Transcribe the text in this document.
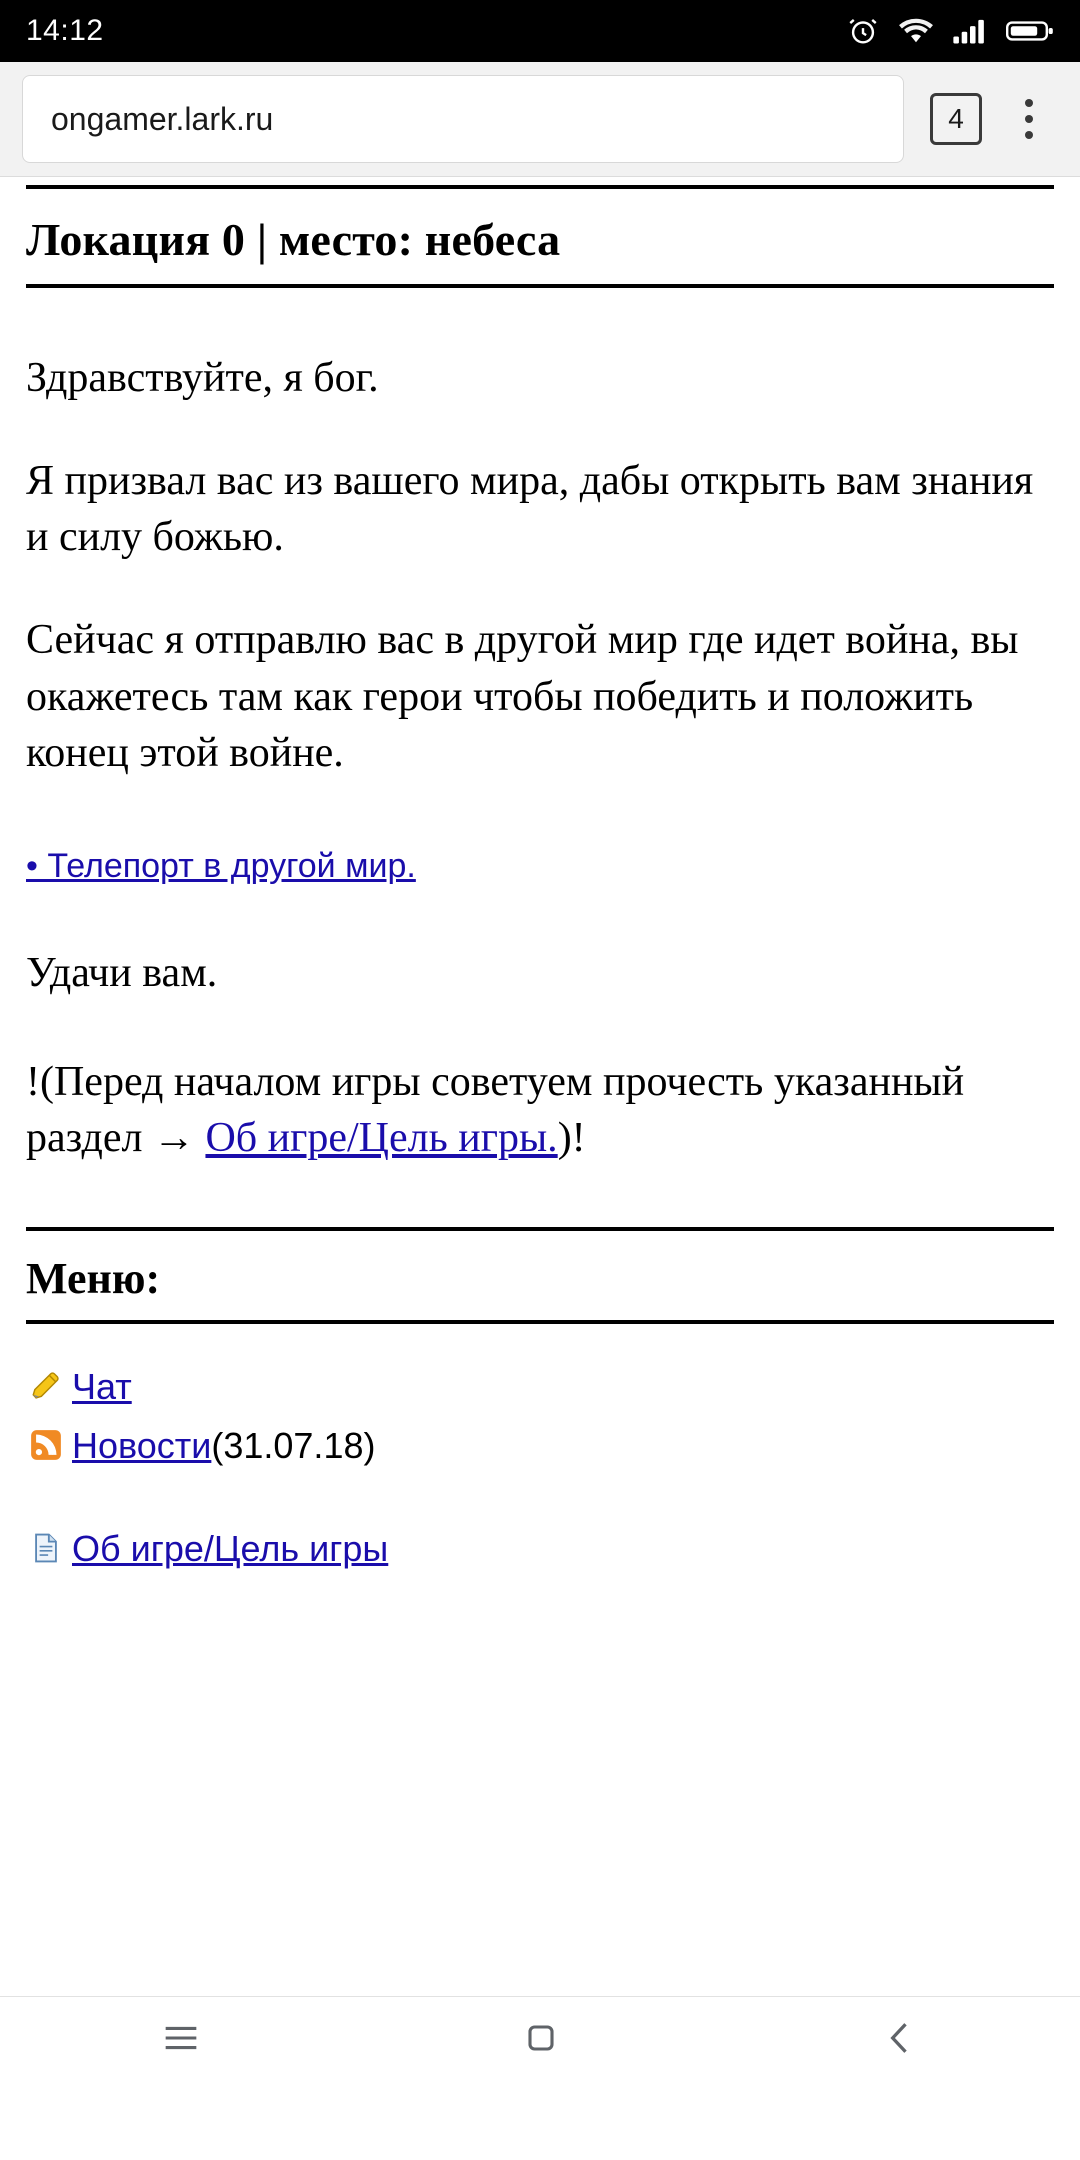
14:12
ongamer.lark.ru	4
Локация 0 | место: небеса

Здравствуйте, я бог.

Я призвал вас из вашего мира, дабы открыть вам знания и силу божью.

Сейчас я отправлю вас в другой мир где идет война, вы окажетесь там как герои чтобы победить и положить конец этой войне.

• Телепорт в другой мир.

Удачи вам.

!(Перед началом игры советуем прочесть указанный раздел → Об игре/Цель игры.)!

Меню:
Чат
Новости (31.07.18)
Об игре/Цель игры
